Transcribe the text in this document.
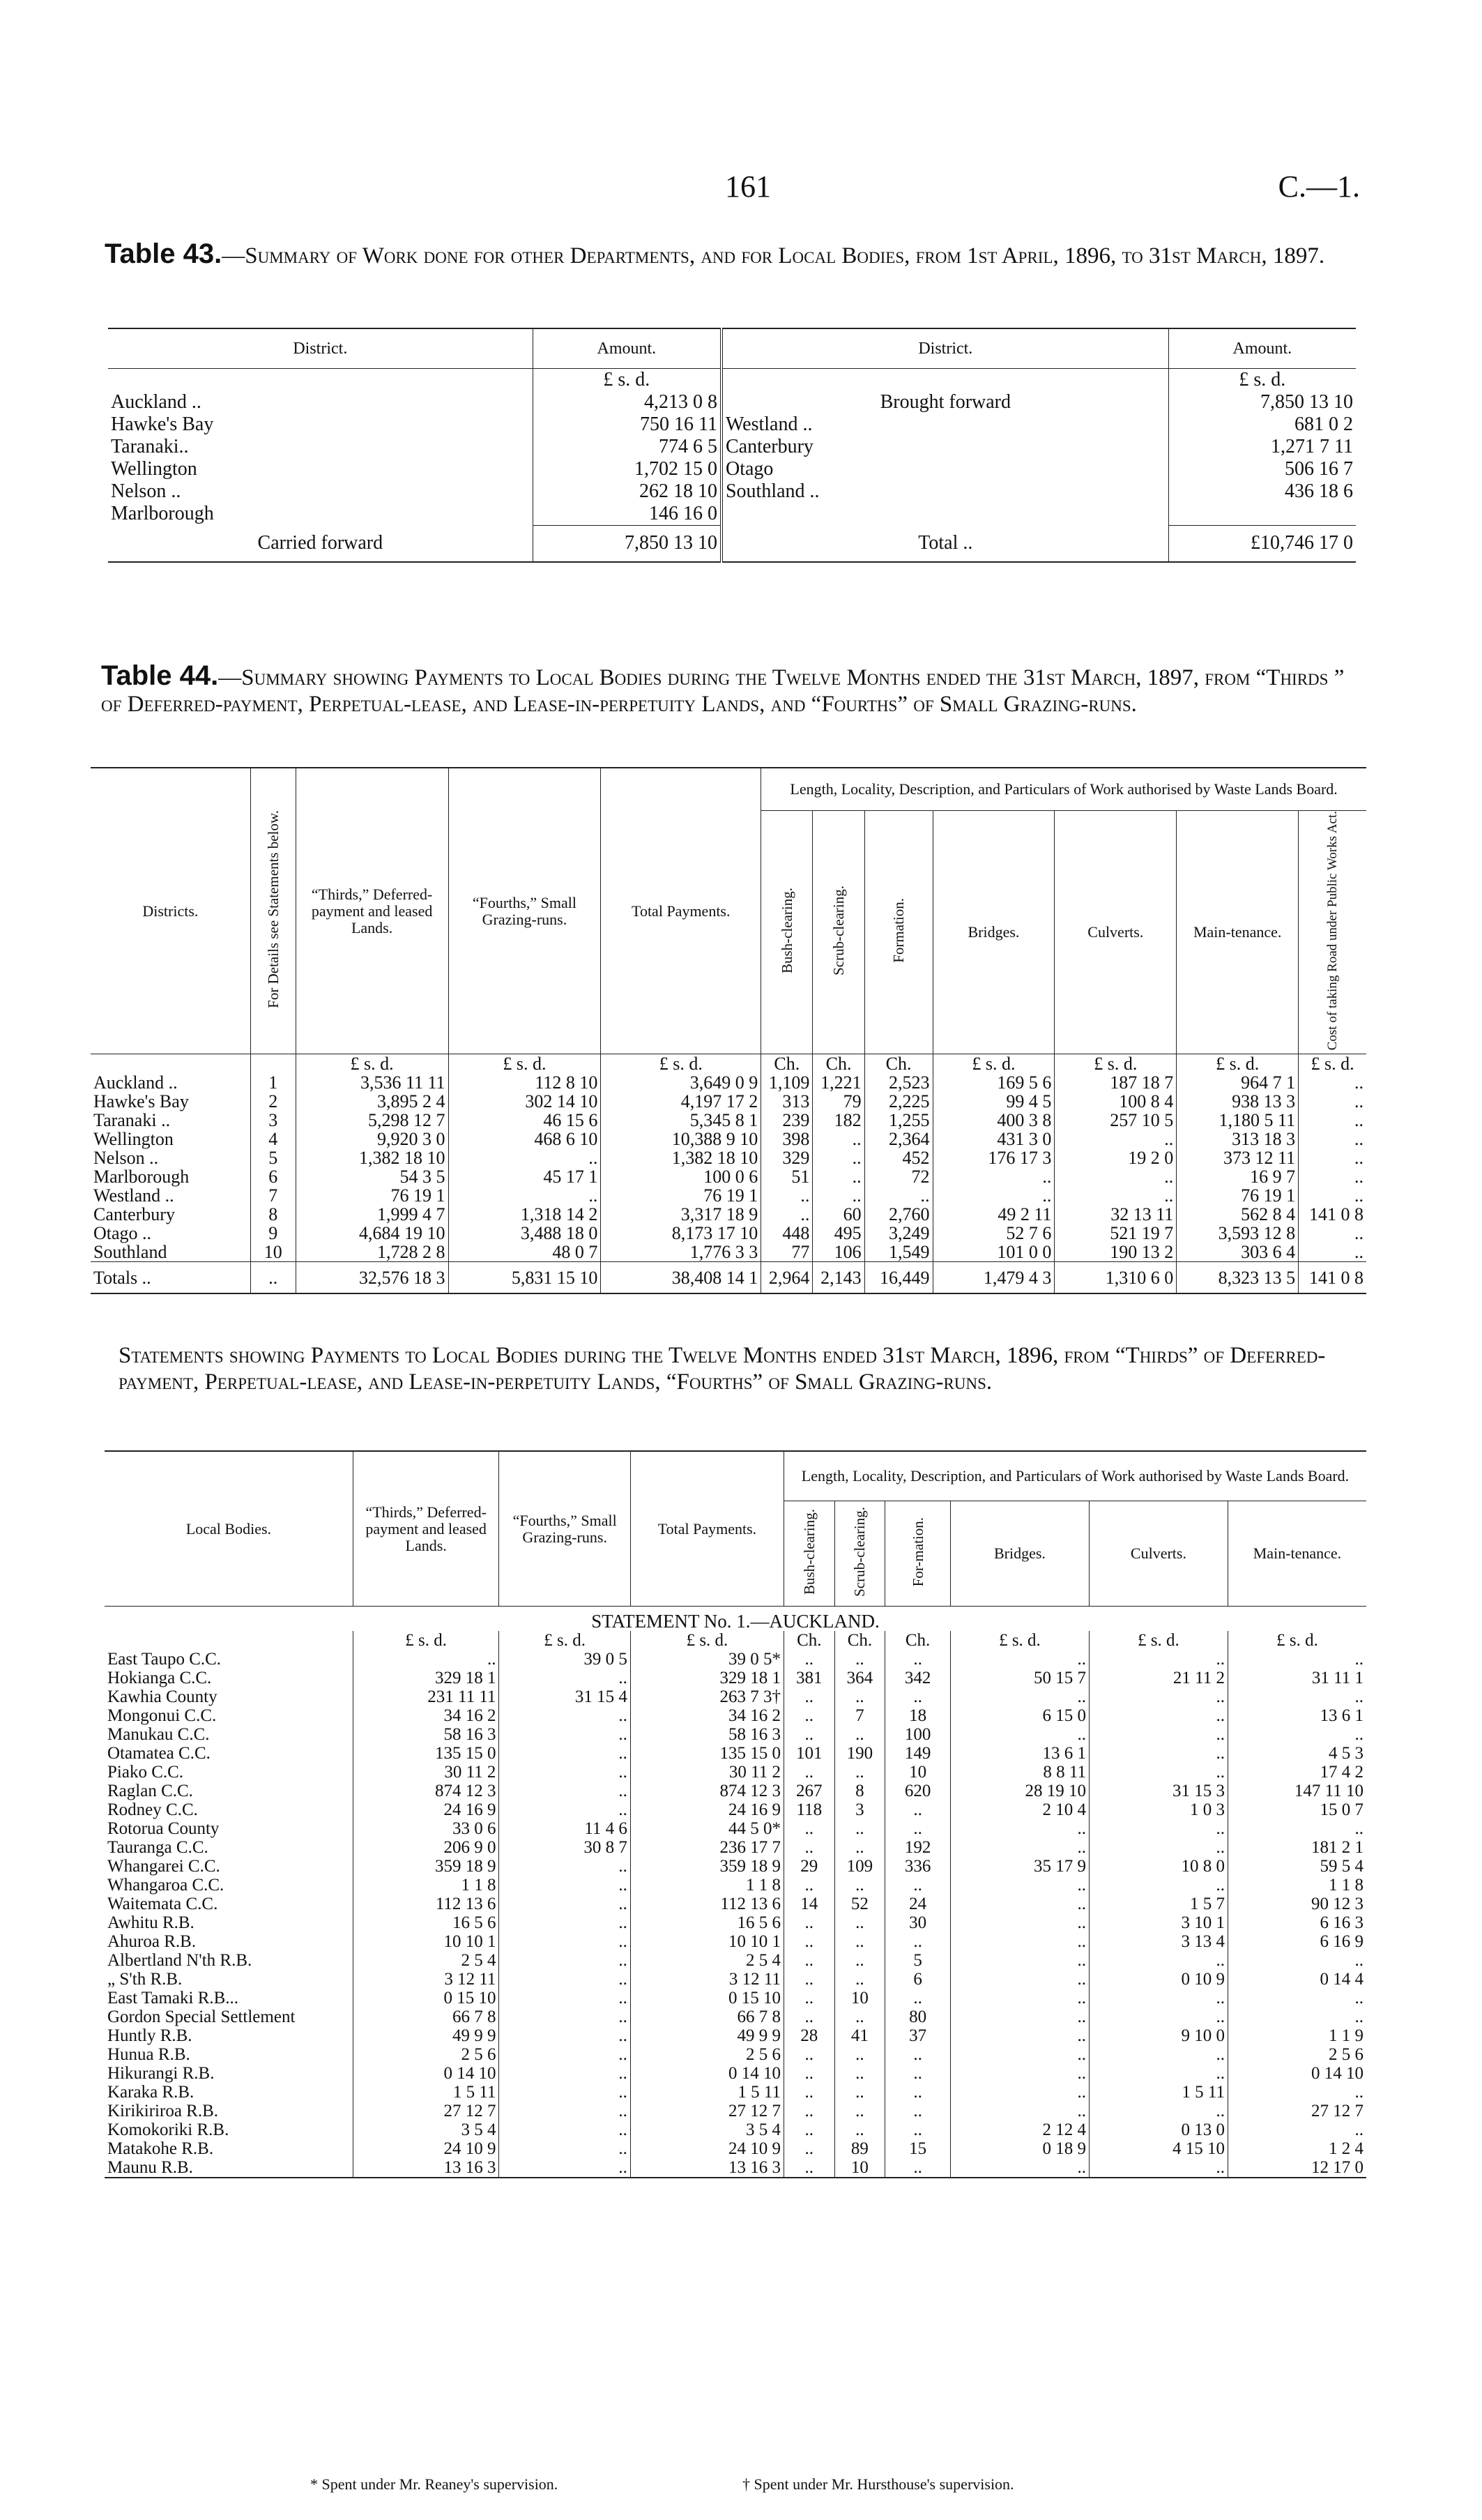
161	C.—1.
Table 43.—Summary of Work done for other Departments, and for Local Bodies, from 1st April, 1896, to 31st March, 1897.
District.	Amount.	District.	Amount.
	£ s. d.		£ s. d.
Auckland ..	4,213 0 8	Brought forward	7,850 13 10
Hawke's Bay	750 16 11	Westland ..	681 0 2
Taranaki..	774 6 5	Canterbury	1,271 7 11
Wellington	1,702 15 0	Otago	506 16 7
Nelson ..	262 18 10	Southland ..	436 18 6
Marlborough	146 16 0		
Carried forward	7,850 13 10	Total ..	£10,746 17 0

Table 44.—Summary showing Payments to Local Bodies during the Twelve Months ended the 31st March, 1897, from “Thirds ” of Deferred-payment, Perpetual-lease, and Lease-in-perpetuity Lands, and “Fourths” of Small Grazing-runs.
Districts.	For Details see Statements below.	“Thirds,” Deferred-payment and leased Lands.	“Fourths,” Small Grazing-runs.	Total Payments.	Length, Locality, Description, and Particulars of Work authorised by Waste Lands Board.						
					Bush-clearing.	Scrub-clearing.	Formation.	Bridges.	Culverts.	Main-tenance.	Cost of taking Road under Public Works Act.
		£ s. d.	£ s. d.	£ s. d.	Ch.	Ch.	Ch.	£ s. d.	£ s. d.	£ s. d.	£ s. d.
Auckland ..	1	3,536 11 11	112 8 10	3,649 0 9	1,109	1,221	2,523	169 5 6	187 18 7	964 7 1	..
Hawke's Bay	2	3,895 2 4	302 14 10	4,197 17 2	313	79	2,225	99 4 5	100 8 4	938 13 3	..
Taranaki ..	3	5,298 12 7	46 15 6	5,345 8 1	239	182	1,255	400 3 8	257 10 5	1,180 5 11	..
Wellington	4	9,920 3 0	468 6 10	10,388 9 10	398	..	2,364	431 3 0	..	313 18 3	..
Nelson ..	5	1,382 18 10	..	1,382 18 10	329	..	452	176 17 3	19 2 0	373 12 11	..
Marlborough	6	54 3 5	45 17 1	100 0 6	51	..	72	..	..	16 9 7	..
Westland ..	7	76 19 1	..	76 19 1	..	..	..	..	..	76 19 1	..
Canterbury	8	1,999 4 7	1,318 14 2	3,317 18 9	..	60	2,760	49 2 11	32 13 11	562 8 4	141 0 8
Otago ..	9	4,684 19 10	3,488 18 0	8,173 17 10	448	495	3,249	52 7 6	521 19 7	3,593 12 8	..
Southland	10	1,728 2 8	48 0 7	1,776 3 3	77	106	1,549	101 0 0	190 13 2	303 6 4	..
Totals ..	..	32,576 18 3	5,831 15 10	38,408 14 1	2,964	2,143	16,449	1,479 4 3	1,310 6 0	8,323 13 5	141 0 8
Statements showing Payments to Local Bodies during the Twelve Months ended 31st March, 1896, from “Thirds” of Deferred-payment, Perpetual-lease, and Lease-in-perpetuity Lands, “Fourths” of Small Grazing-runs.
Local Bodies.	“Thirds,” Deferred-payment and leased Lands.	“Fourths,” Small Grazing-runs.	Total Payments.	Length, Locality, Description, and Particulars of Work authorised by Waste Lands Board.					
				Bush-clearing.	Scrub-clearing.	For-mation.	Bridges.	Culverts.	Main-tenance.
STATEMENT No. 1.—AUCKLAND.									
	£ s. d.	£ s. d.	£ s. d.	Ch.	Ch.	Ch.	£ s. d.	£ s. d.	£ s. d.
East Taupo C.C.	..	39 0 5	39 0 5*	..	..	..	..	..	..
Hokianga C.C.	329 18 1	..	329 18 1	381	364	342	50 15 7	21 11 2	31 11 1
Kawhia County	231 11 11	31 15 4	263 7 3†	..	..	..	..	..	..
Mongonui C.C.	34 16 2	..	34 16 2	..	7	18	6 15 0	..	13 6 1
Manukau C.C.	58 16 3	..	58 16 3	..	..	100	..	..	..
Otamatea C.C.	135 15 0	..	135 15 0	101	190	149	13 6 1	..	4 5 3
Piako C.C.	30 11 2	..	30 11 2	..	..	10	8 8 11	..	17 4 2
Raglan C.C.	874 12 3	..	874 12 3	267	8	620	28 19 10	31 15 3	147 11 10
Rodney C.C.	24 16 9	..	24 16 9	118	3	..	2 10 4	1 0 3	15 0 7
Rotorua County	33 0 6	11 4 6	44 5 0*	..	..	..	..	..	..
Tauranga C.C.	206 9 0	30 8 7	236 17 7	..	..	192	..	..	181 2 1
Whangarei C.C.	359 18 9	..	359 18 9	29	109	336	35 17 9	10 8 0	59 5 4
Whangaroa C.C.	1 1 8	..	1 1 8	..	..	..	..	..	1 1 8
Waitemata C.C.	112 13 6	..	112 13 6	14	52	24	..	1 5 7	90 12 3
Awhitu R.B.	16 5 6	..	16 5 6	..	..	30	..	3 10 1	6 16 3
Ahuroa R.B.	10 10 1	..	10 10 1	..	..	..	..	3 13 4	6 16 9
Albertland N'th R.B.	2 5 4	..	2 5 4	..	..	5	..	..	..
„ S'th R.B.	3 12 11	..	3 12 11	..	..	6	..	0 10 9	0 14 4
East Tamaki R.B...	0 15 10	..	0 15 10	..	10	..	..	..	..
Gordon Special Settlement	66 7 8	..	66 7 8	..	..	80	..	..	..
Huntly R.B.	49 9 9	..	49 9 9	28	41	37	..	9 10 0	1 1 9
Hunua R.B.	2 5 6	..	2 5 6	..	..	..	..	..	2 5 6
Hikurangi R.B.	0 14 10	..	0 14 10	..	..	..	..	..	0 14 10
Karaka R.B.	1 5 11	..	1 5 11	..	..	..	..	1 5 11	..
Kirikiriroa R.B.	27 12 7	..	27 12 7	..	..	..	..	..	27 12 7
Komokoriki R.B.	3 5 4	..	3 5 4	..	..	..	2 12 4	0 13 0	..
Matakohe R.B.	24 10 9	..	24 10 9	..	89	15	0 18 9	4 15 10	1 2 4
Maunu R.B.	13 16 3	..	13 16 3	..	10	..	..	..	12 17 0

* Spent under Mr. Reaney's supervision.	† Spent under Mr. Hursthouse's supervision.
